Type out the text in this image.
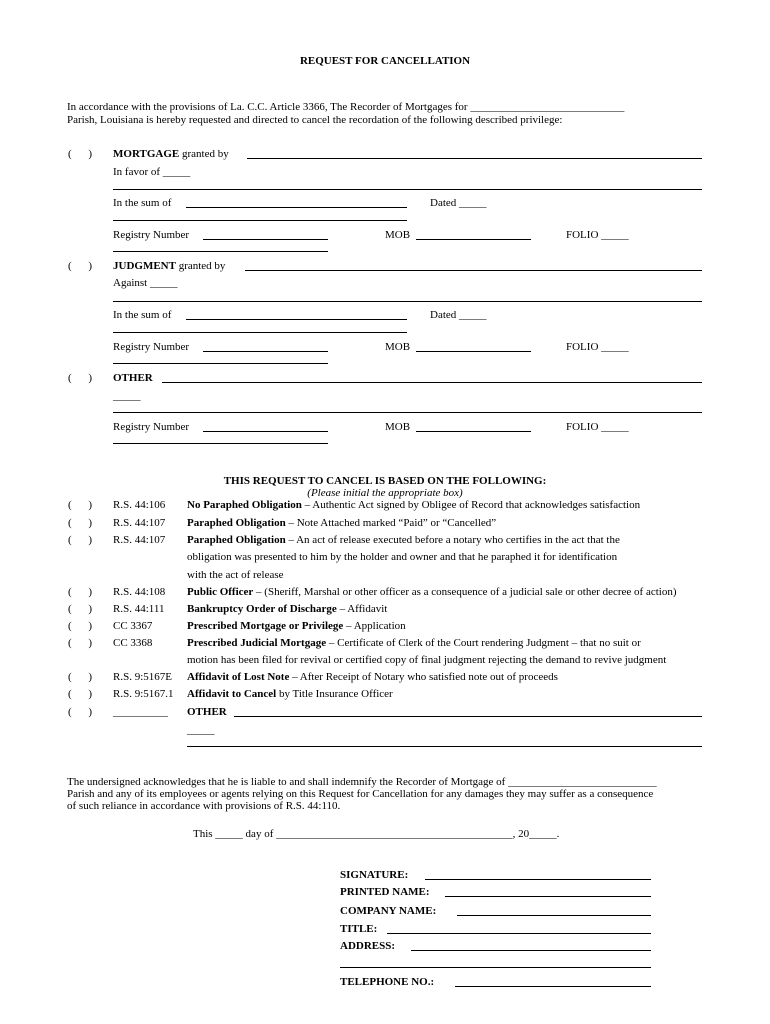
REQUEST FOR CANCELLATION
In accordance with the provisions of La. C.C. Article 3366, The Recorder of Mortgages for ____________________________
Parish, Louisiana is hereby requested and directed to cancel the recordation of the following described privilege:
( ) MORTGAGE granted by
In favor of _____
In the sum of	Dated _____
Registry Number	MOB	FOLIO _____
( ) JUDGMENT granted by
Against _____
In the sum of	Dated _____
Registry Number	MOB	FOLIO _____
( ) OTHER
_____
Registry Number	MOB	FOLIO _____
THIS REQUEST TO CANCEL IS BASED ON THE FOLLOWING:
(Please initial the appropriate box)
( ) R.S. 44:106 No Paraphed Obligation – Authentic Act signed by Obligee of Record that acknowledges satisfaction
( ) R.S. 44:107 Paraphed Obligation – Note Attached marked “Paid” or “Cancelled”
( ) R.S. 44:107 Paraphed Obligation – An act of release executed before a notary who certifies in the act that the
obligation was presented to him by the holder and owner and that he paraphed it for identification
with the act of release
( ) R.S. 44:108 Public Officer – (Sheriff, Marshal or other officer as a consequence of a judicial sale or other decree of action)
( ) R.S. 44:111 Bankruptcy Order of Discharge – Affidavit
( ) CC 3367	Prescribed Mortgage or Privilege – Application
( ) CC 3368	Prescribed Judicial Mortgage – Certificate of Clerk of the Court rendering Judgment – that no suit or
motion has been filed for revival or certified copy of final judgment rejecting the demand to revive judgment
( ) R.S. 9:5167E Affidavit of Lost Note – After Receipt of Notary who satisfied note out of proceeds
( ) R.S. 9:5167.1 Affidavit to Cancel by Title Insurance Officer
( ) __________ OTHER
_____
The undersigned acknowledges that he is liable to and shall indemnify the Recorder of Mortgage of ___________________________
Parish and any of its employees or agents relying on this Request for Cancellation for any damages they may suffer as a consequence
of such reliance in accordance with provisions of R.S. 44:110.
This _____ day of ___________________________________________, 20_____.
SIGNATURE:
PRINTED NAME:
COMPANY NAME:
TITLE:
ADDRESS:
TELEPHONE NO.:
